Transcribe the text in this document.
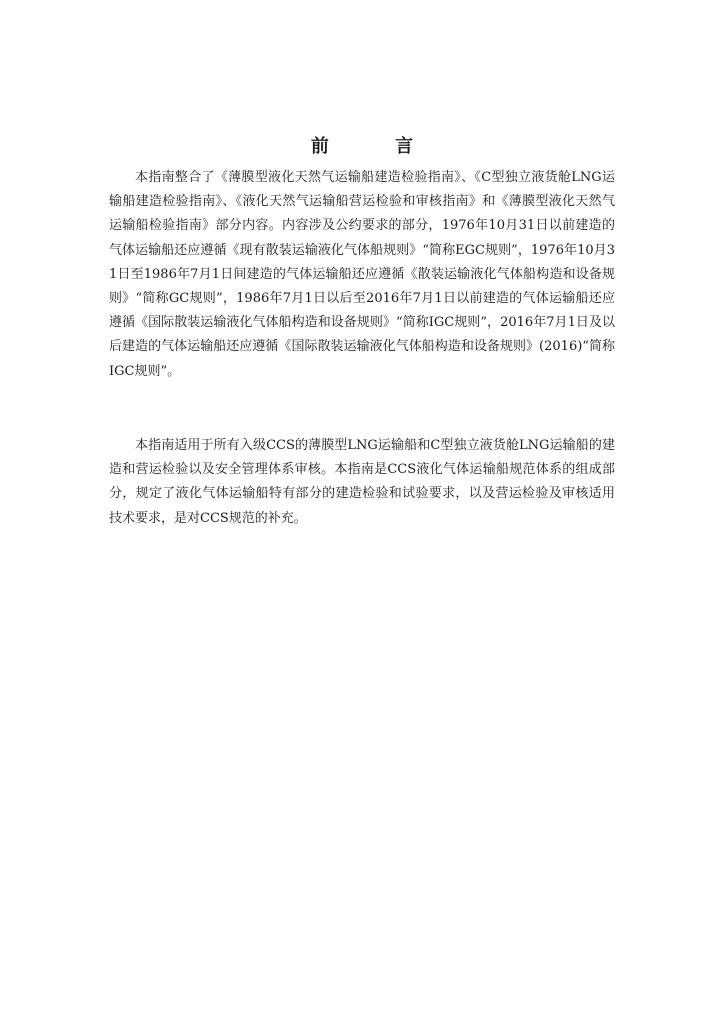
前 言

本指南整合了《薄膜型液化天然气运输船建造检验指南》、《C型独立液货舱LNG运输船建造检验指南》、《液化天然气运输船营运检验和审核指南》和《薄膜型液化天然气运输船检验指南》部分内容。内容涉及公约要求的部分，1976年10月31日以前建造的气体运输船还应遵循《现有散装运输液化气体船规则》“简称EGC规则”，1976年10月31日至1986年7月1日间建造的气体运输船还应遵循《散装运输液化气体船构造和设备规则》“简称GC规则”，1986年7月1日以后至2016年7月1日以前建造的气体运输船还应遵循《国际散装运输液化气体船构造和设备规则》“简称IGC规则”，2016年7月1日及以后建造的气体运输船还应遵循《国际散装运输液化气体船构造和设备规则》(2016)“简称IGC规则”。

本指南适用于所有入级CCS的薄膜型LNG运输船和C型独立液货舱LNG运输船的建造和营运检验以及安全管理体系审核。本指南是CCS液化气体运输船规范体系的组成部分，规定了液化气体运输船特有部分的建造检验和试验要求，以及营运检验及审核适用技术要求，是对CCS规范的补充。
